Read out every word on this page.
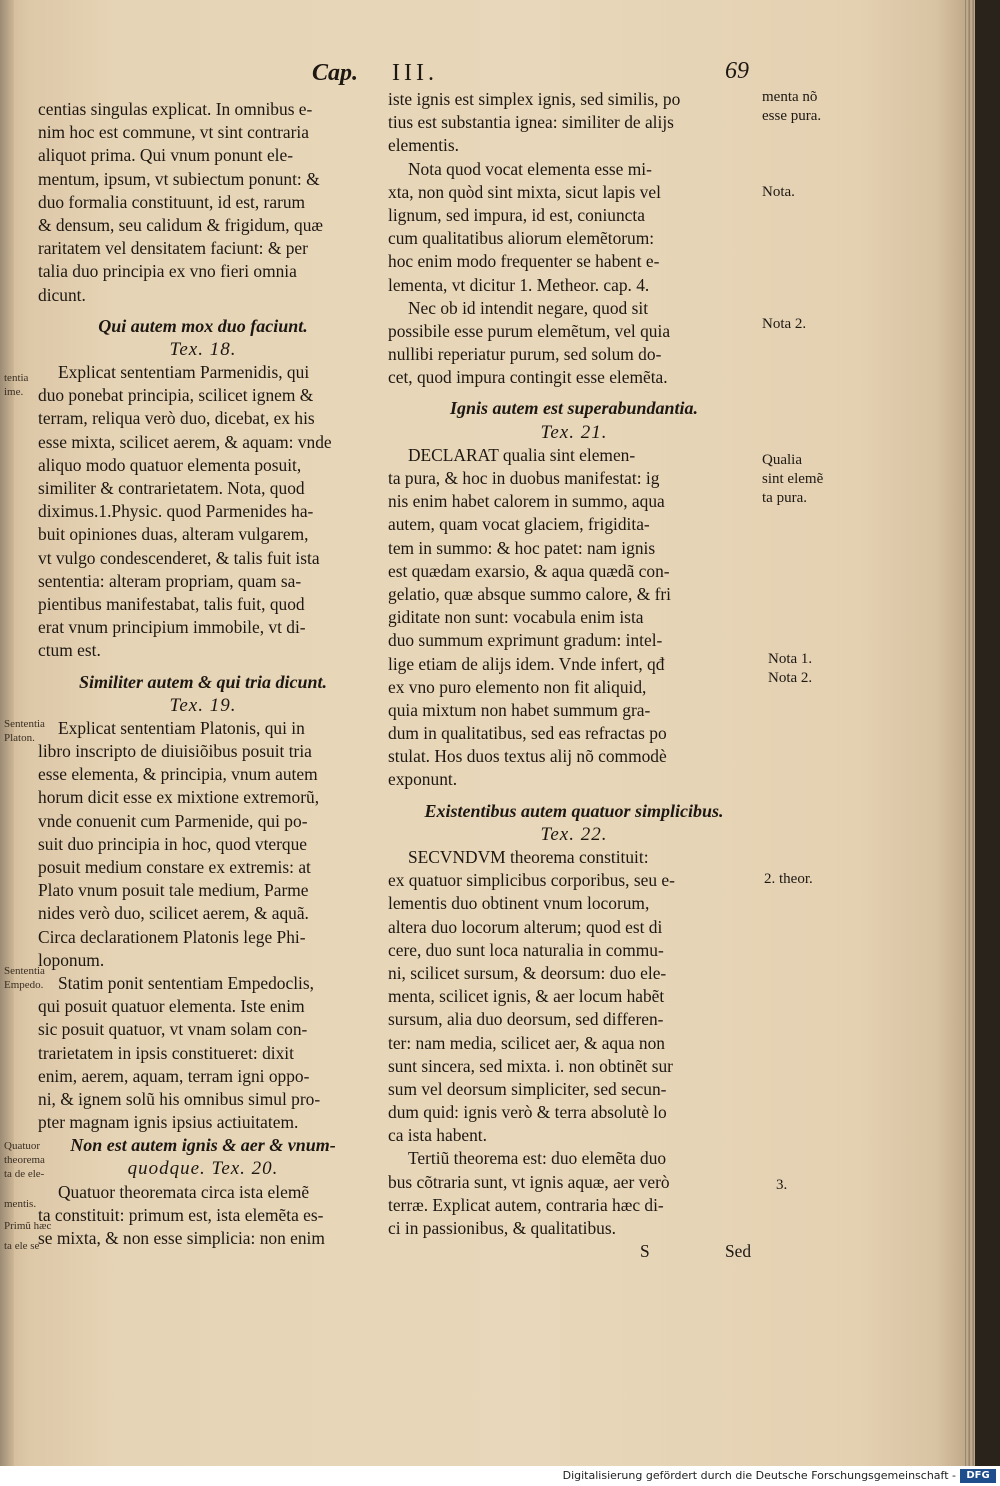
Cap. III.	69
centias singulas explicat. In omnibus e-
nim hoc est commune, vt sint contraria
aliquot prima. Qui vnum ponunt ele-
mentum, ipsum, vt subiectum ponunt: &
duo formalia constituunt, id est, rarum
& densum, seu calidum & frigidum, quæ
raritatem vel densitatem faciunt: & per
talia duo principia ex vno fieri omnia
dicunt.
Qui autem mox duo faciunt.
Tex. 18.
Explicat sententiam Parmenidis, qui
duo ponebat principia, scilicet ignem &
terram, reliqua verò duo, dicebat, ex his
esse mixta, scilicet aerem, & aquam: vnde
aliquo modo quatuor elementa posuit,
similiter & contrarietatem. Nota, quod
diximus.1.Physic. quod Parmenides ha-
buit opiniones duas, alteram vulgarem,
vt vulgo condescenderet, & talis fuit ista
sententia: alteram propriam, quam sa-
pientibus manifestabat, talis fuit, quod
erat vnum principium immobile, vt di-
ctum est.
Similiter autem & qui tria dicunt.
Tex. 19.
Explicat sententiam Platonis, qui in
libro inscripto de diuisiõibus posuit tria
esse elementa, & principia, vnum autem
horum dicit esse ex mixtione extremorũ,
vnde conuenit cum Parmenide, qui po-
suit duo principia in hoc, quod vterque
posuit medium constare ex extremis: at
Plato vnum posuit tale medium, Parme
nides verò duo, scilicet aerem, & aquã.
Circa declarationem Platonis lege Phi-
loponum.
Statim ponit sententiam Empedoclis,
qui posuit quatuor elementa. Iste enim
sic posuit quatuor, vt vnam solam con-
trarietatem in ipsis constitueret: dixit
enim, aerem, aquam, terram igni oppo-
ni, & ignem solũ his omnibus simul pro-
pter magnam ignis ipsius actiuitatem.
Non est autem ignis & aer & vnum-
quodque. Tex. 20.
Quatuor theoremata circa ista elemẽ
ta constituit: primum est, ista elemẽta es-
se mixta, & non esse simplicia: non enim
iste ignis est simplex ignis, sed similis, po
tius est substantia ignea: similiter de alijs
elementis.
Nota quod vocat elementa esse mi-
xta, non quòd sint mixta, sicut lapis vel
lignum, sed impura, id est, coniuncta
cum qualitatibus aliorum elemẽtorum:
hoc enim modo frequenter se habent e-
lementa, vt dicitur 1. Metheor. cap. 4.
Nec ob id intendit negare, quod sit
possibile esse purum elemẽtum, vel quia
nullibi reperiatur purum, sed solum do-
cet, quod impura contingit esse elemẽta.
Ignis autem est superabundantia.
Tex. 21.
DECLARAT qualia sint elemen-
ta pura, & hoc in duobus manifestat: ig
nis enim habet calorem in summo, aqua
autem, quam vocat glaciem, frigidita-
tem in summo: & hoc patet: nam ignis
est quædam exarsio, & aqua quædã con-
gelatio, quæ absque summo calore, & fri
giditate non sunt: vocabula enim ista
duo summum exprimunt gradum: intel-
lige etiam de alijs idem. Vnde infert, qđ
ex vno puro elemento non fit aliquid,
quia mixtum non habet summum gra-
dum in qualitatibus, sed eas refractas po
stulat. Hos duos textus alij nõ commodè
exponunt.
Existentibus autem quatuor simplicibus.
Tex. 22.
SECVNDVM theorema constituit:
ex quatuor simplicibus corporibus, seu e-
lementis duo obtinent vnum locorum,
altera duo locorum alterum; quod est di
cere, duo sunt loca naturalia in commu-
ni, scilicet sursum, & deorsum: duo ele-
menta, scilicet ignis, & aer locum habẽt
sursum, alia duo deorsum, sed differen-
ter: nam media, scilicet aer, & aqua non
sunt sincera, sed mixta. i. non obtinẽt sur
sum vel deorsum simpliciter, sed secun-
dum quid: ignis verò & terra absolutè lo
ca ista habent.
Tertiũ theorema est: duo elemẽta duo
bus cõtraria sunt, vt ignis aquæ, aer verò
terræ. Explicat autem, contraria hæc di-
ci in passionibus, & qualitatibus.
S	Sed
menta nõ
esse pura.
Nota.
Nota 2.
Qualia
sint elemẽ
ta pura.
Nota 1.
Nota 2.
2. theor.
3.
tentia
ime.
Sententia
Platon.
Sententia
Empedo.
Quatuor
theorema
ta de ele-
mentis.
Primũ hæc
ta ele se
Digitalisierung gefördert durch die Deutsche Forschungsgemeinschaft -	DFG
